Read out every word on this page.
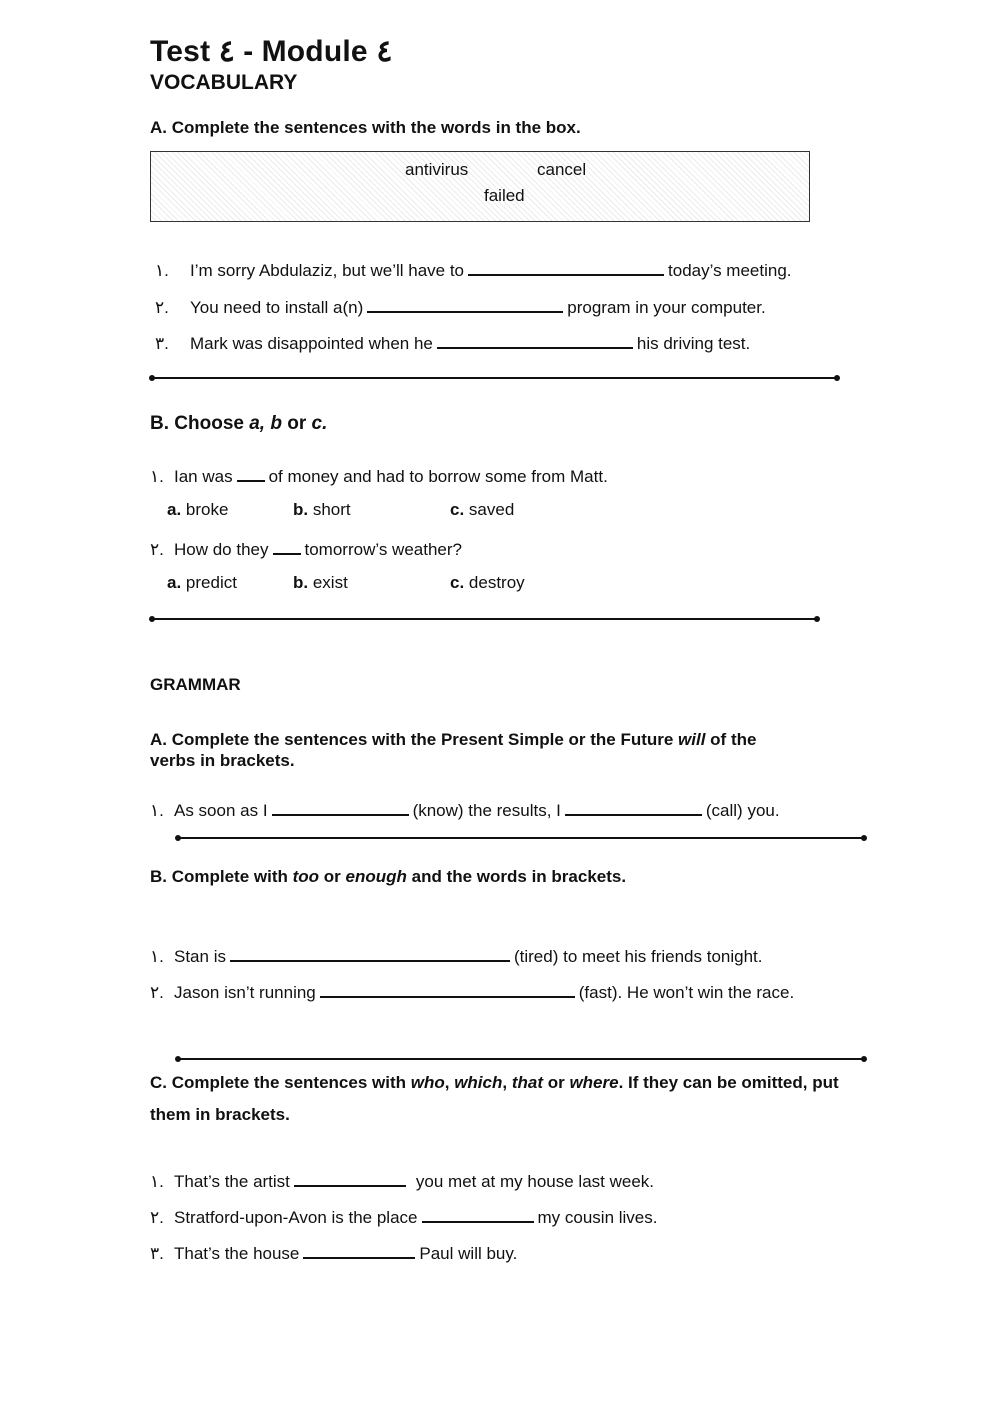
Test ٤ - Module ٤
VOCABULARY
A. Complete the sentences with the words in the box.
antivirus	cancel
failed
١. I’m sorry Abdulaziz, but we’ll have to	today’s meeting.
٢. You need to install a(n)	program in your computer.
٣. Mark was disappointed when he	his driving test.
B. Choose a, b or c.
١. Ian was of money and had to borrow some from Matt.
a. broke	b. short	c. saved
٢. How do they tomorrow’s weather?
a. predict	b. exist	c. destroy
GRAMMAR
A. Complete the sentences with the Present Simple or the Future will of the
verbs in brackets.
١. As soon as I	(know) the results, I	(call) you.
B. Complete with too or enough and the words in brackets.
١. Stan is	(tired) to meet his friends tonight.
٢. Jason isn’t running	(fast). He won’t win the race.
C. Complete the sentences with who, which, that or where. If they can be omitted, put
them in brackets.
١. That’s the artist	you met at my house last week.
٢. Stratford-upon-Avon is the place	my cousin lives.
٣. That’s the house	Paul will buy.
